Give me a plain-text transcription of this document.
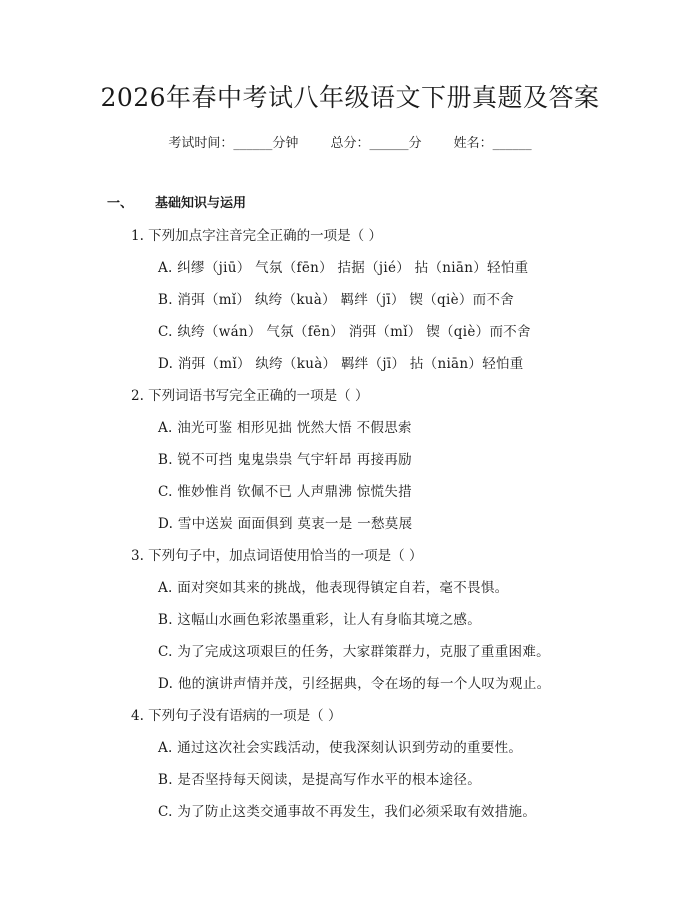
2026年春中考试八年级语文下册真题及答案
考试时间：______分钟 总分：______分 姓名：______
一、 基础知识与运用
1. 下列加点字注音完全正确的一项是（ ）
A. 纠缪（jiū） 气氛（fēn） 拮据（jié） 拈（niān）轻怕重
B. 消弭（mǐ） 纨绔（kuà） 羁绊（jī） 锲（qiè）而不舍
C. 纨绔（wán） 气氛（fēn） 消弭（mǐ） 锲（qiè）而不舍
D. 消弭（mǐ） 纨绔（kuà） 羁绊（jī） 拈（niān）轻怕重
2. 下列词语书写完全正确的一项是（ ）
A. 油光可鉴 相形见拙 恍然大悟 不假思索
B. 锐不可挡 鬼鬼祟祟 气宇轩昂 再接再励
C. 惟妙惟肖 钦佩不已 人声鼎沸 惊慌失措
D. 雪中送炭 面面俱到 莫衷一是 一愁莫展
3. 下列句子中，加点词语使用恰当的一项是（ ）
A. 面对突如其来的挑战，他表现得镇定自若，毫不畏惧。
B. 这幅山水画色彩浓墨重彩，让人有身临其境之感。
C. 为了完成这项艰巨的任务，大家群策群力，克服了重重困难。
D. 他的演讲声情并茂，引经据典，令在场的每一个人叹为观止。
4. 下列句子没有语病的一项是（ ）
A. 通过这次社会实践活动，使我深刻认识到劳动的重要性。
B. 是否坚持每天阅读，是提高写作水平的根本途径。
C. 为了防止这类交通事故不再发生，我们必须采取有效措施。
